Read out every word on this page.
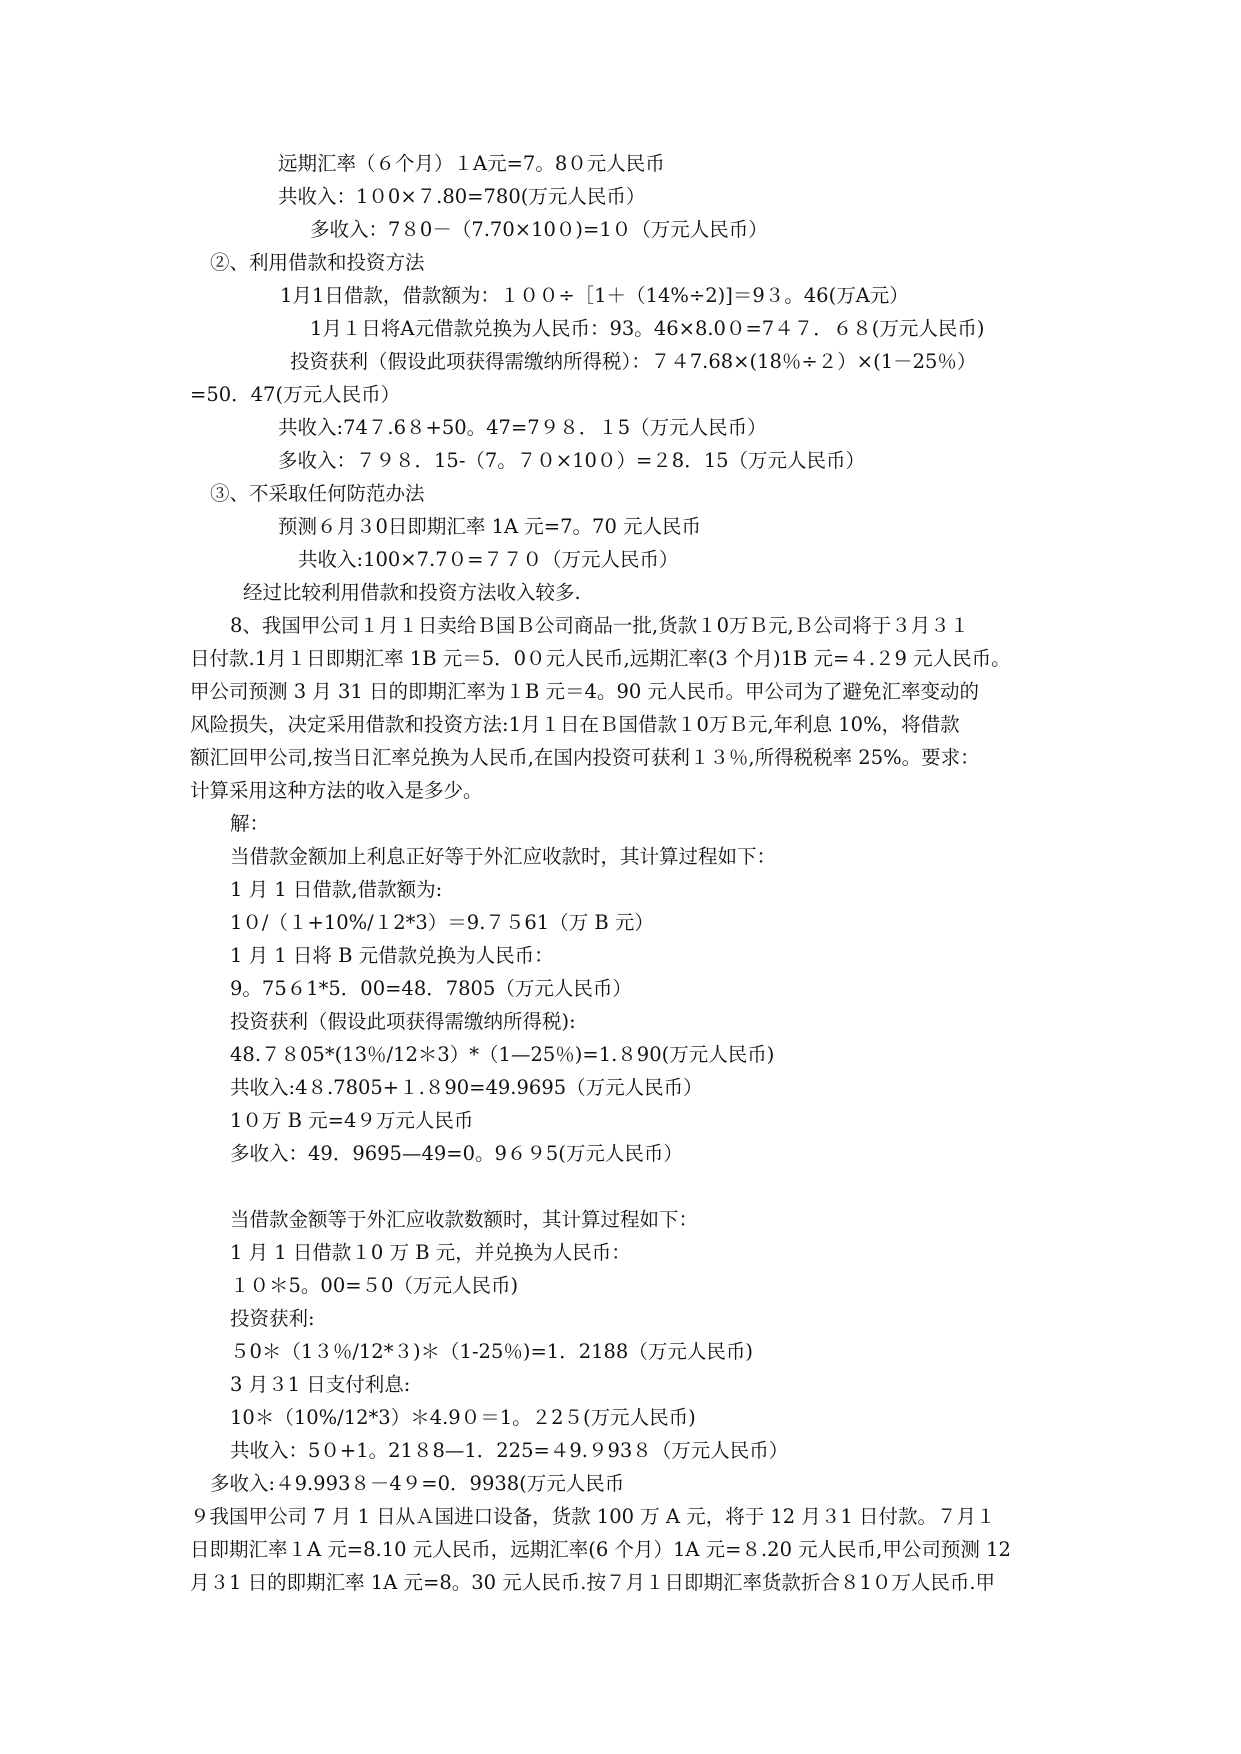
远期汇率（６个月）１A元=7。8０元人民币
共收入：1０0×７.80=780(万元人民币）
多收入：7８0－（7.70×10０)=1０（万元人民币）
②、利用借款和投资方法
1月1日借款，借款额为：１００÷［1＋（14%÷2)]＝9３。46(万A元）
1月１日将A元借款兑换为人民币：93。46×8.0０=7４７．６８(万元人民币)
投资获利（假设此项获得需缴纳所得税）：７４7.68×(18％÷２）×(1－25％）
=50．47(万元人民币）
共收入:74７.6８+50。47=7９８．１5（万元人民币）
多收入：７９８．15-（7。７０×10０）=２8．15（万元人民币）
③、不采取任何防范办法
预测６月３0日即期汇率 1A 元=7。70 元人民币
共收入:100×7.7０=７７０（万元人民币）
经过比较利用借款和投资方法收入较多.
8、我国甲公司１月１日卖给Ｂ国Ｂ公司商品一批,货款１0万Ｂ元,Ｂ公司将于３月３１
日付款.1月１日即期汇率 1B 元＝5．0０元人民币,远期汇率(3 个月)1B 元=４.２9 元人民币。
甲公司预测 3 月 31 日的即期汇率为１B 元＝4。90 元人民币。甲公司为了避免汇率变动的
风险损失，决定采用借款和投资方法:1月１日在Ｂ国借款１0万Ｂ元,年利息 10%，将借款
额汇回甲公司,按当日汇率兑换为人民币,在国内投资可获利１３％,所得税税率 25%。要求：
计算采用这种方法的收入是多少。
解：
当借款金额加上利息正好等于外汇应收款时，其计算过程如下：
1 月 1 日借款,借款额为:
1０/（１+10%/１2*3）＝9.７５61（万 B 元）
1 月 1 日将 B 元借款兑换为人民币：
9。75６1*5．00=48．7805（万元人民币）
投资获利（假设此项获得需缴纳所得税):
48.７８05*(13％/12＊3）*（1—25％)=1.８90(万元人民币)
共收入:4８.7805+１.８90=49.9695（万元人民币）
1０万 B 元=4９万元人民币
多收入：49．9695—49=0。9６９5(万元人民币）
当借款金额等于外汇应收款数额时，其计算过程如下：
1 月 1 日借款１0 万 B 元，并兑换为人民币：
１０＊5。00=５0（万元人民币)
投资获利:
５0＊（1３％/12*３)＊（1-25％)=1．2188（万元人民币)
3 月３1 日支付利息:
10＊（10%/12*3）＊4.9０＝1。２2５(万元人民币)
共收入：5０+1。21８8—1．225=４9.９93８（万元人民币）
多收入:４9.993８－4９=0．9938(万元人民币
９我国甲公司 7 月 1 日从Ａ国进口设备，货款 100 万 A 元，将于 12 月３1 日付款。７月１
日即期汇率１A 元=8.10 元人民币，远期汇率(6 个月）1A 元=８.20 元人民币,甲公司预测 12
月３1 日的即期汇率 1A 元=8。30 元人民币.按７月１日即期汇率货款折合８1０万人民币.甲
